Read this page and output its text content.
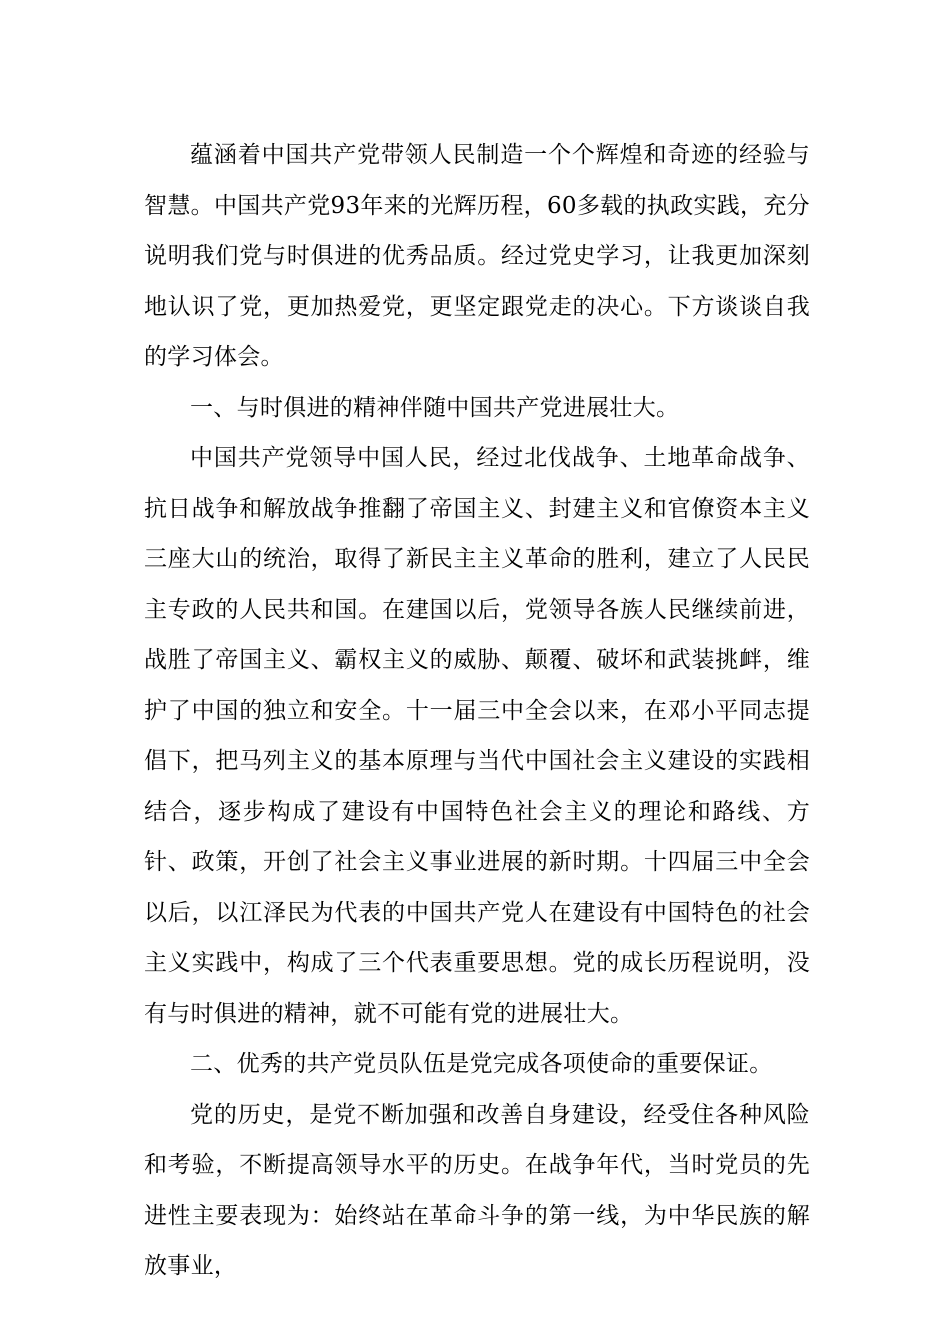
蕴涵着中国共产党带领人民制造一个个辉煌和奇迹的经验与智慧。中国共产党93年来的光辉历程，60多载的执政实践，充分说明我们党与时俱进的优秀品质。经过党史学习，让我更加深刻地认识了党，更加热爱党，更坚定跟党走的决心。下方谈谈自我的学习体会。

一、与时俱进的精神伴随中国共产党进展壮大。

中国共产党领导中国人民，经过北伐战争、土地革命战争、抗日战争和解放战争推翻了帝国主义、封建主义和官僚资本主义三座大山的统治，取得了新民主主义革命的胜利，建立了人民民主专政的人民共和国。在建国以后，党领导各族人民继续前进，战胜了帝国主义、霸权主义的威胁、颠覆、破坏和武装挑衅，维护了中国的独立和安全。十一届三中全会以来，在邓小平同志提倡下，把马列主义的基本原理与当代中国社会主义建设的实践相结合，逐步构成了建设有中国特色社会主义的理论和路线、方针、政策，开创了社会主义事业进展的新时期。十四届三中全会以后，以江泽民为代表的中国共产党人在建设有中国特色的社会主义实践中，构成了三个代表重要思想。党的成长历程说明，没有与时俱进的精神，就不可能有党的进展壮大。

二、优秀的共产党员队伍是党完成各项使命的重要保证。

党的历史，是党不断加强和改善自身建设，经受住各种风险和考验，不断提高领导水平的历史。在战争年代，当时党员的先进性主要表现为：始终站在革命斗争的第一线，为中华民族的解放事业，
